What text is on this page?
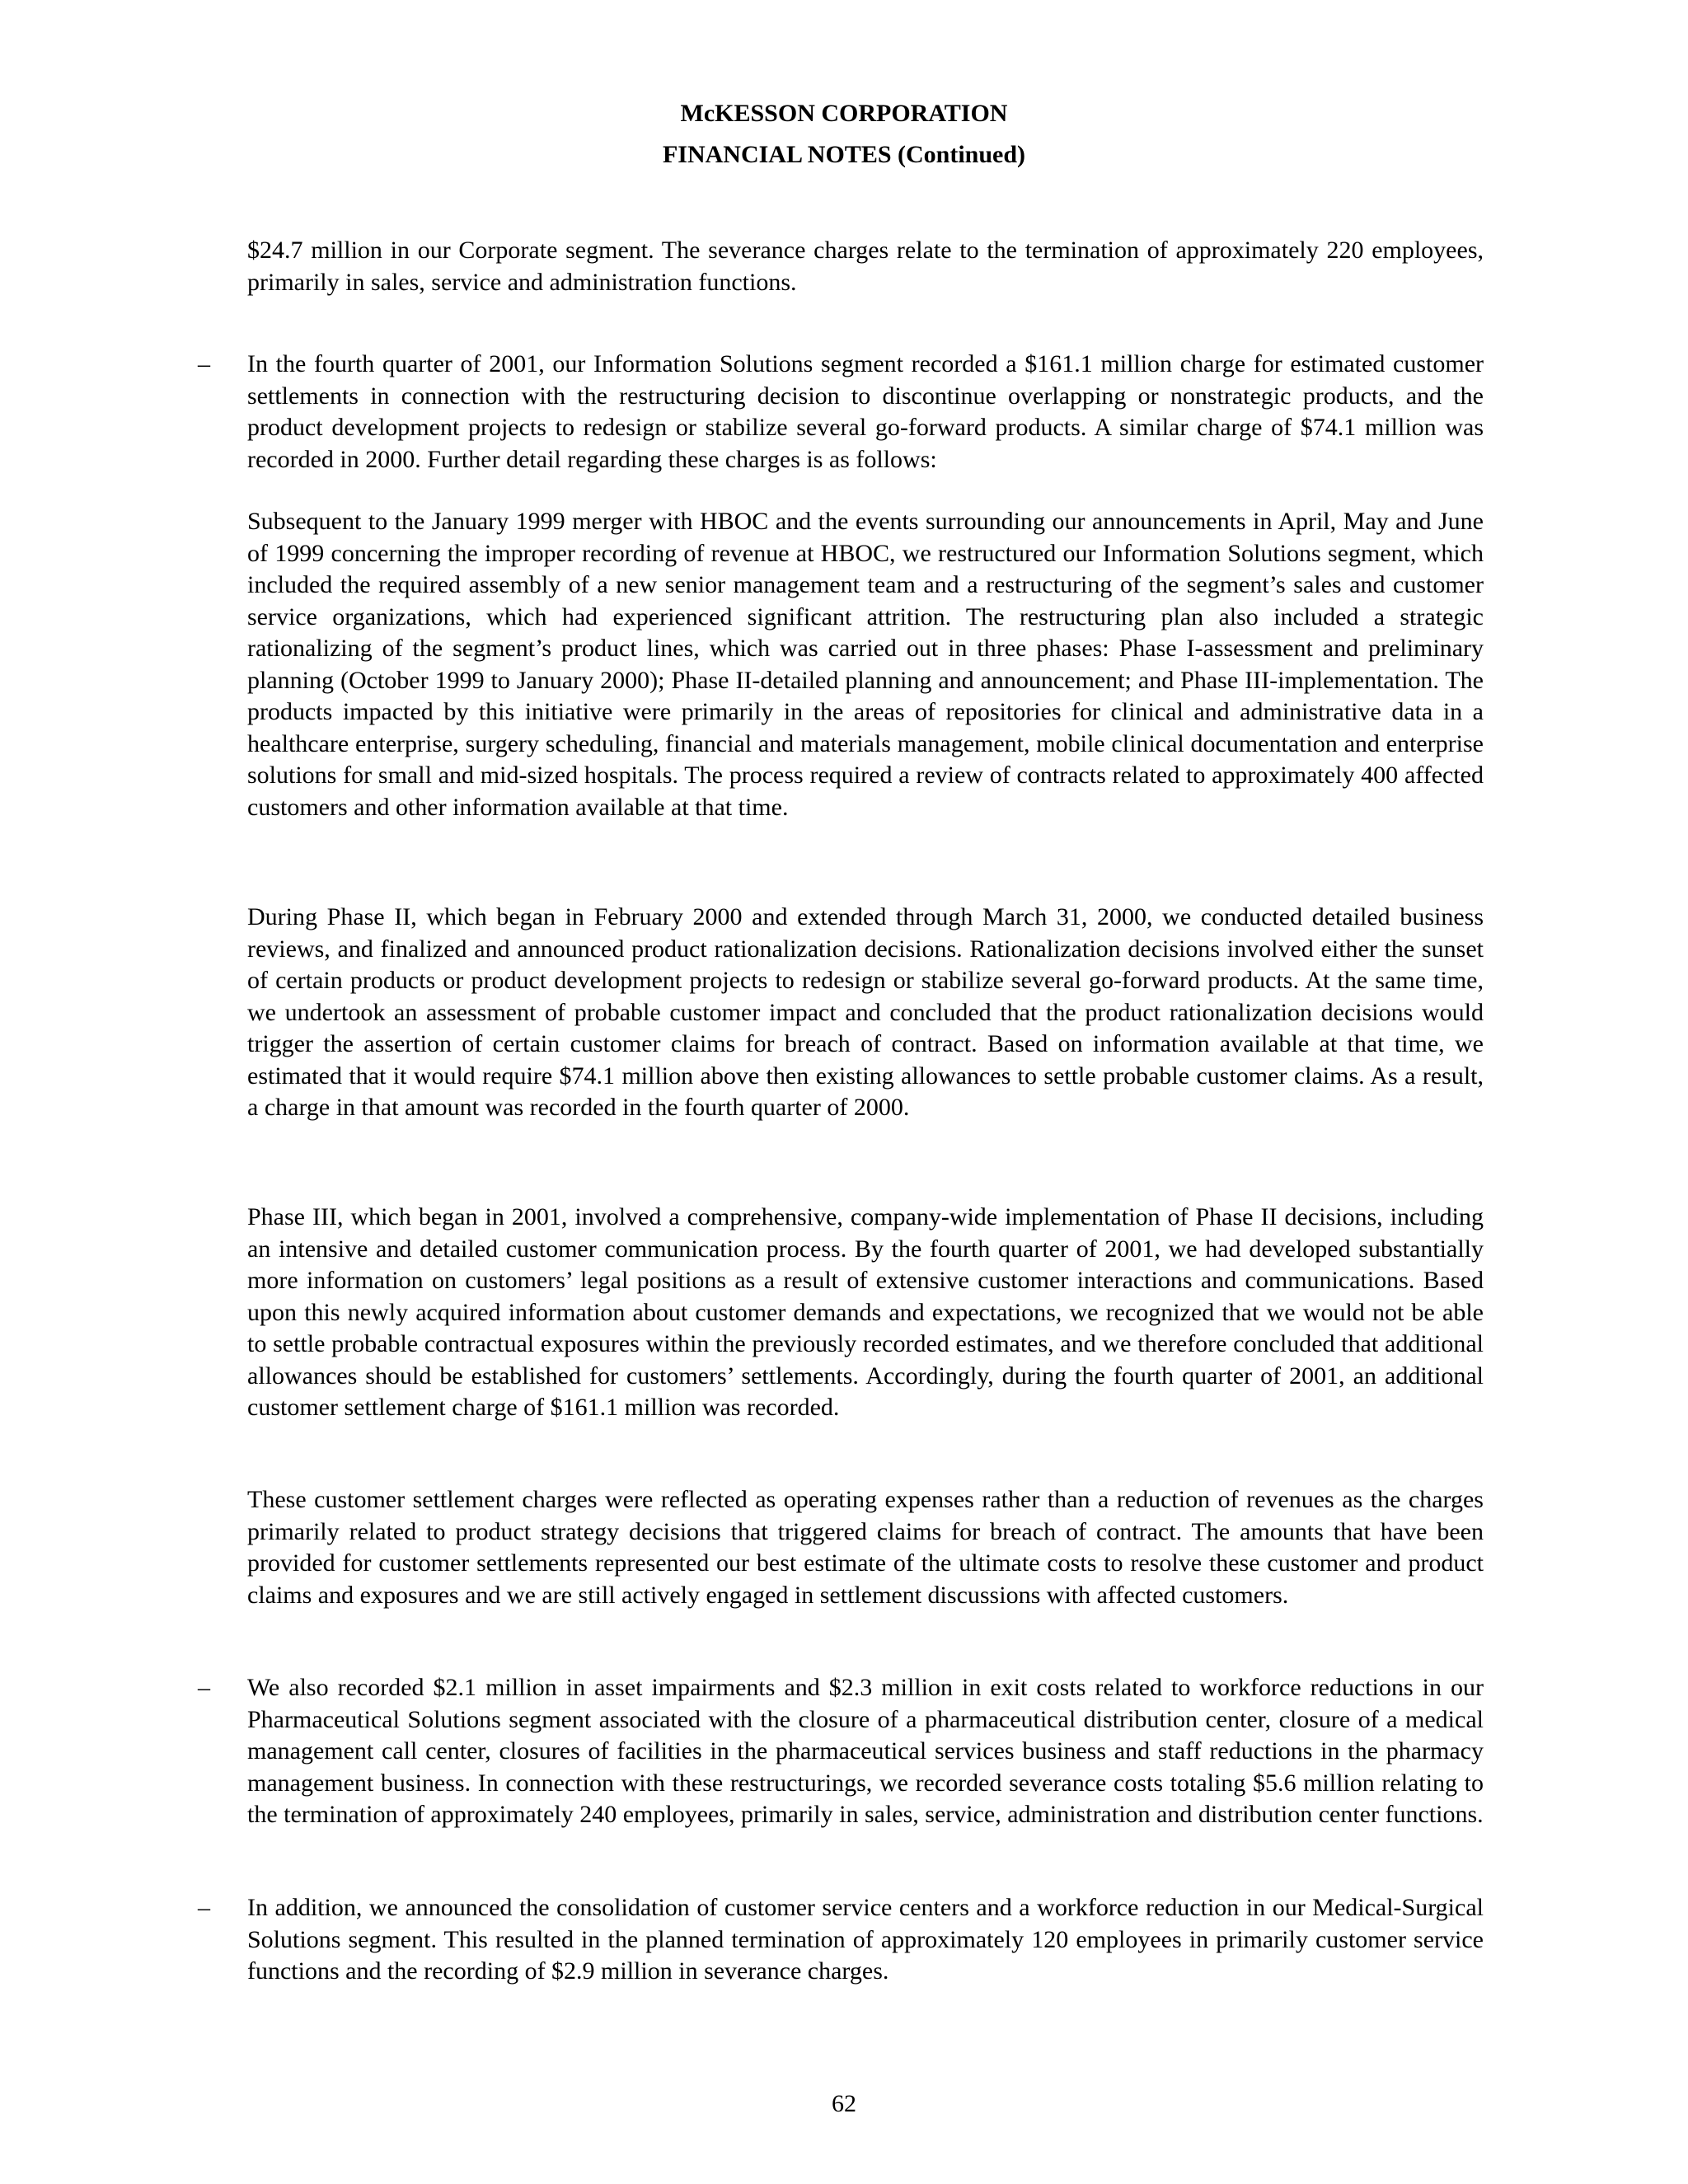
McKESSON CORPORATION
FINANCIAL NOTES (Continued)

$24.7 million in our Corporate segment. The severance charges relate to the termination of approximately 220 employees, primarily in sales, service and administration functions.

– In the fourth quarter of 2001, our Information Solutions segment recorded a $161.1 million charge for estimated customer settlements in connection with the restructuring decision to discontinue overlapping or nonstrategic products, and the product development projects to redesign or stabilize several go-forward products. A similar charge of $74.1 million was recorded in 2000. Further detail regarding these charges is as follows:

Subsequent to the January 1999 merger with HBOC and the events surrounding our announcements in April, May and June of 1999 concerning the improper recording of revenue at HBOC, we restructured our Information Solutions segment, which included the required assembly of a new senior management team and a restructuring of the segment’s sales and customer service organizations, which had experienced significant attrition. The restructuring plan also included a strategic rationalizing of the segment’s product lines, which was carried out in three phases: Phase I-assessment and preliminary planning (October 1999 to January 2000); Phase II-detailed planning and announcement; and Phase III-implementation. The products impacted by this initiative were primarily in the areas of repositories for clinical and administrative data in a healthcare enterprise, surgery scheduling, financial and materials management, mobile clinical documentation and enterprise solutions for small and mid-sized hospitals. The process required a review of contracts related to approximately 400 affected customers and other information available at that time.

During Phase II, which began in February 2000 and extended through March 31, 2000, we conducted detailed business reviews, and finalized and announced product rationalization decisions. Rationalization decisions involved either the sunset of certain products or product development projects to redesign or stabilize several go-forward products. At the same time, we undertook an assessment of probable customer impact and concluded that the product rationalization decisions would trigger the assertion of certain customer claims for breach of contract. Based on information available at that time, we estimated that it would require $74.1 million above then existing allowances to settle probable customer claims. As a result, a charge in that amount was recorded in the fourth quarter of 2000.

Phase III, which began in 2001, involved a comprehensive, company-wide implementation of Phase II decisions, including an intensive and detailed customer communication process. By the fourth quarter of 2001, we had developed substantially more information on customers’ legal positions as a result of extensive customer interactions and communications. Based upon this newly acquired information about customer demands and expectations, we recognized that we would not be able to settle probable contractual exposures within the previously recorded estimates, and we therefore concluded that additional allowances should be established for customers’ settlements. Accordingly, during the fourth quarter of 2001, an additional customer settlement charge of $161.1 million was recorded.

These customer settlement charges were reflected as operating expenses rather than a reduction of revenues as the charges primarily related to product strategy decisions that triggered claims for breach of contract. The amounts that have been provided for customer settlements represented our best estimate of the ultimate costs to resolve these customer and product claims and exposures and we are still actively engaged in settlement discussions with affected customers.

– We also recorded $2.1 million in asset impairments and $2.3 million in exit costs related to workforce reductions in our Pharmaceutical Solutions segment associated with the closure of a pharmaceutical distribution center, closure of a medical management call center, closures of facilities in the pharmaceutical services business and staff reductions in the pharmacy management business. In connection with these restructurings, we recorded severance costs totaling $5.6 million relating to the termination of approximately 240 employees, primarily in sales, service, administration and distribution center functions.

– In addition, we announced the consolidation of customer service centers and a workforce reduction in our Medical-Surgical Solutions segment. This resulted in the planned termination of approximately 120 employees in primarily customer service functions and the recording of $2.9 million in severance charges.

62
